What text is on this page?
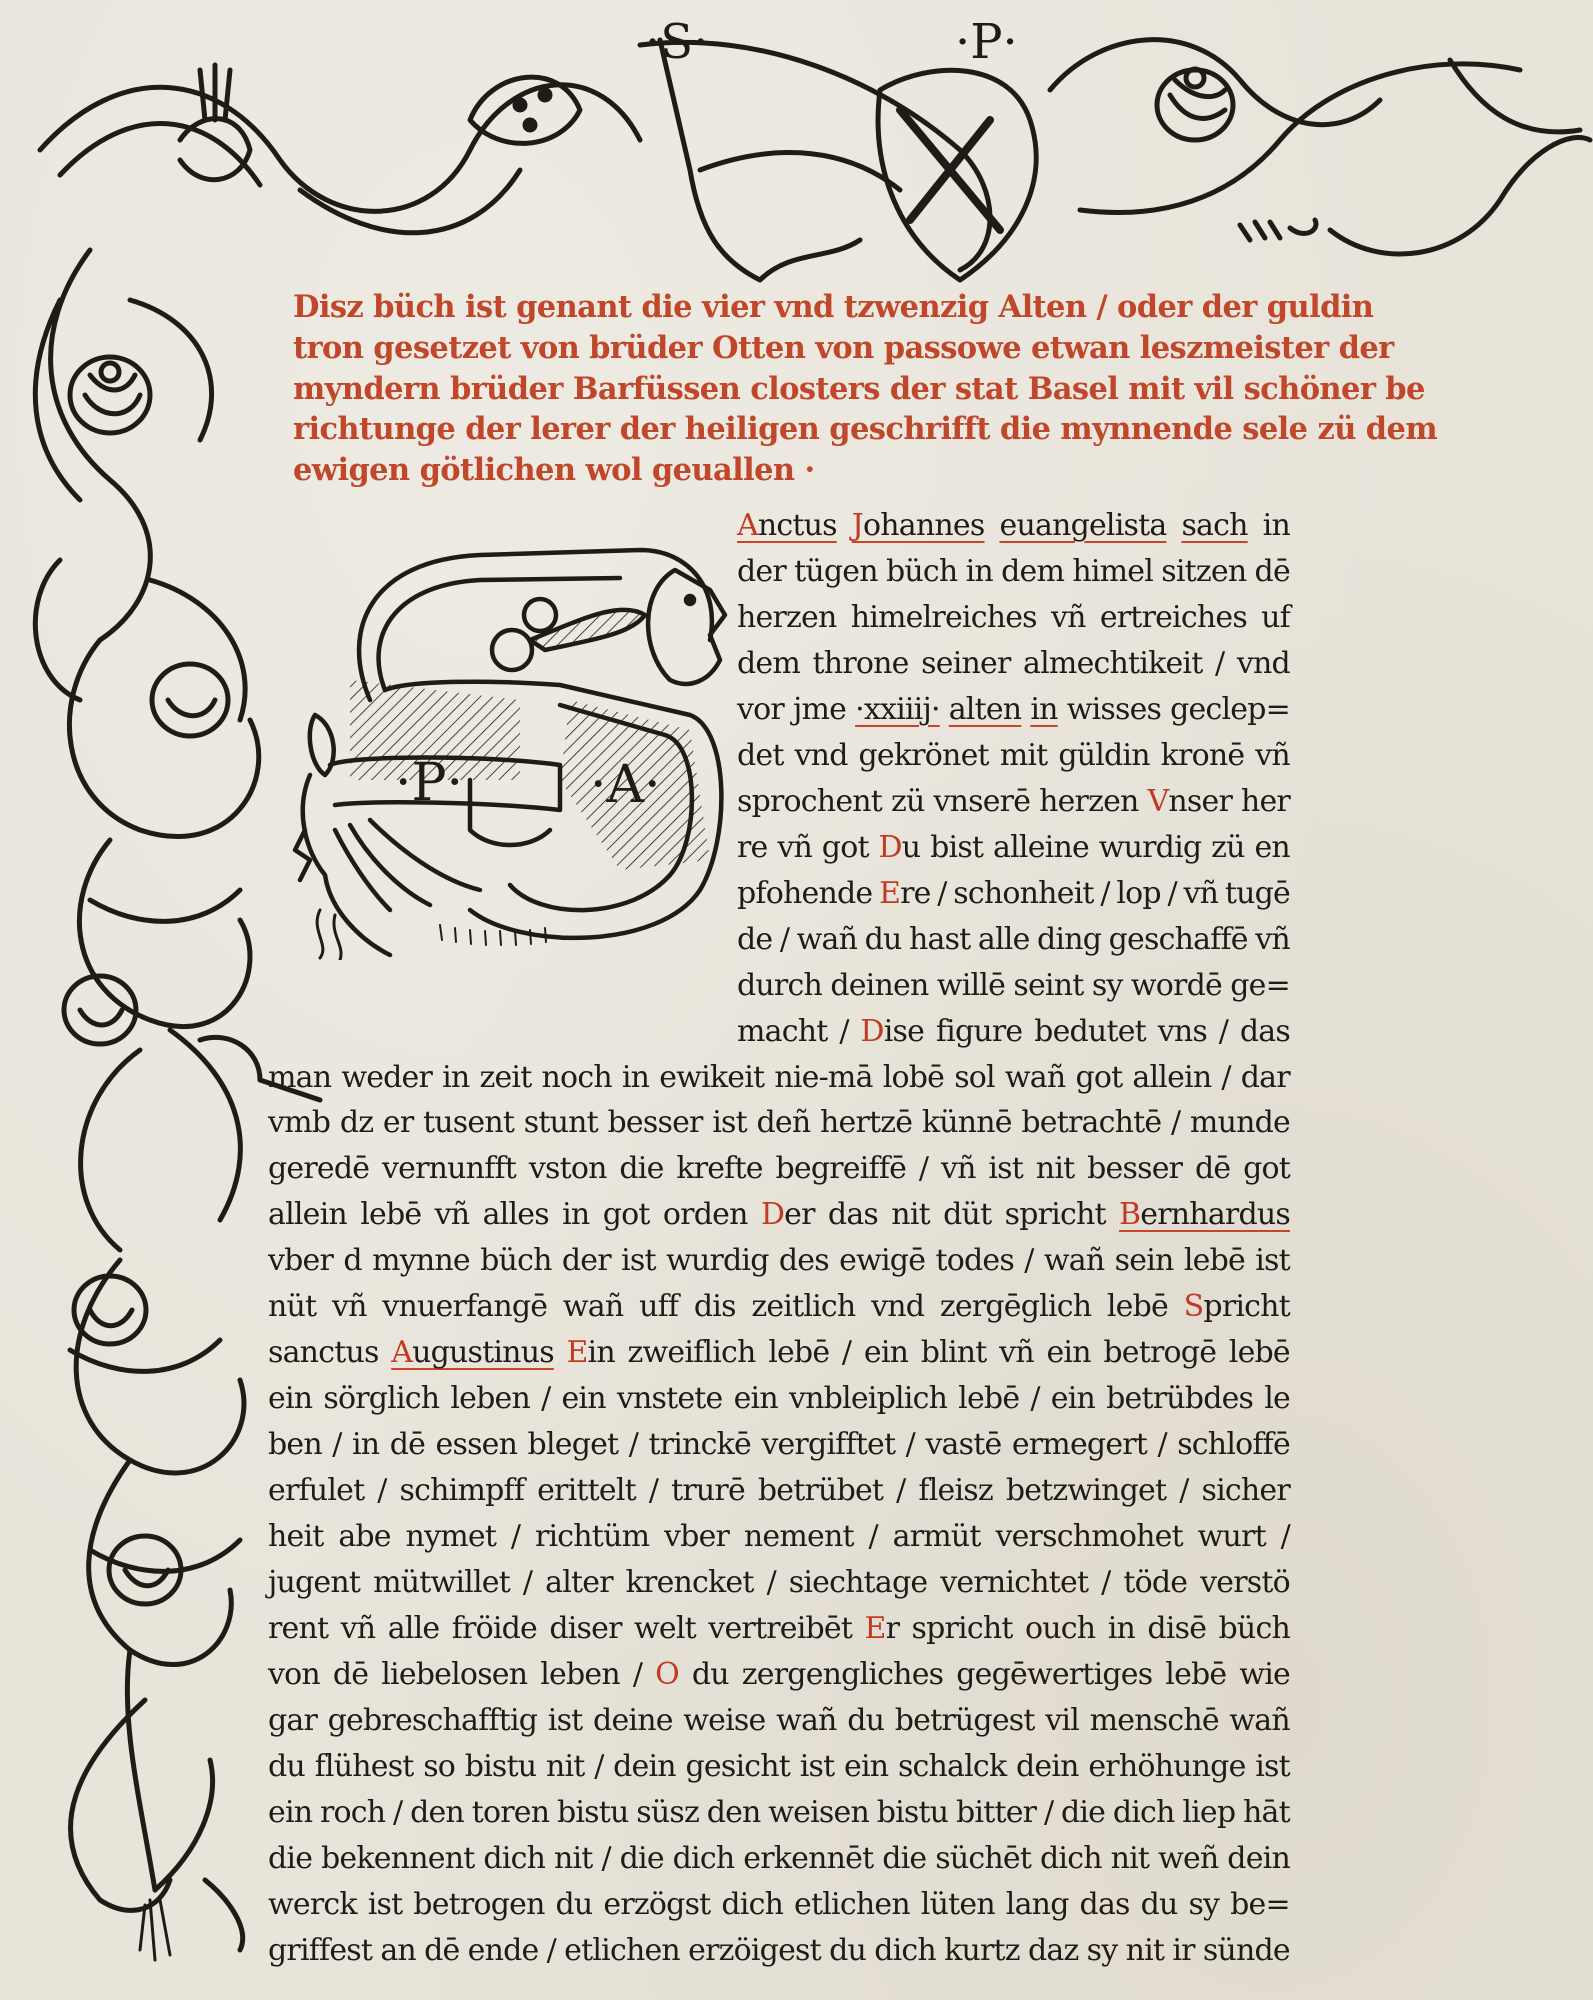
·S·	·P·
Disz büch ist genant die vier vnd tzwenzig Alten / oder der guldin
tron gesetzet von brüder Otten von passowe etwan leszmeister der
myndern brüder Barfüssen closters der stat Basel mit vil schöner be
richtunge der lerer der heiligen geschrifft die mynnende sele zü dem
ewigen götlichen wol geuallen ·
·P· ·A·
Anctus Johannes euangelista sach in
der tügen büch in dem himel sitzen dē
herzen himelreiches vñ ertreiches uf
dem throne seiner almechtikeit / vnd
vor jme ·xxiiij· alten in wisses geclep=
det vnd gekrönet mit güldin kronē vñ
sprochent zü vnserē herzen Vnser her
re vñ got Du bist alleine wurdig zü en
pfohende Ere / schonheit / lop / vñ tugē
de / wañ du hast alle ding geschaffē vñ
durch deinen willē seint sy wordē ge=
macht / Dise figure bedutet vns / das
man weder in zeit noch in ewikeit nie-mā lobē sol wañ got allein / dar
vmb dz er tusent stunt besser ist deñ hertzē künnē betrachtē / munde
geredē vernunfft vston die krefte begreiffē / vñ ist nit besser dē got
allein lebē vñ alles in got orden Der das nit düt spricht Bernhardus
vber d mynne büch der ist wurdig des ewigē todes / wañ sein lebē ist
nüt vñ vnuerfangē wañ uff dis zeitlich vnd zergēglich lebē Spricht
sanctus Augustinus Ein zweiflich lebē / ein blint vñ ein betrogē lebē
ein sörglich leben / ein vnstete ein vnbleiplich lebē / ein betrübdes le
ben / in dē essen bleget / trinckē vergifftet / vastē ermegert / schloffē
erfulet / schimpff erittelt / trurē betrübet / fleisz betzwinget / sicher
heit abe nymet / richtüm vber nement / armüt verschmohet wurt /
jugent mütwillet / alter krencket / siechtage vernichtet / töde verstö
rent vñ alle fröide diser welt vertreibēt Er spricht ouch in disē büch
von dē liebelosen leben / O du zergengliches gegēwertiges lebē wie
gar gebreschafftig ist deine weise wañ du betrügest vil menschē wañ
du flühest so bistu nit / dein gesicht ist ein schalck dein erhöhunge ist
ein roch / den toren bistu süsz den weisen bistu bitter / die dich liep hāt
die bekennent dich nit / die dich erkennēt die süchēt dich nit weñ dein
werck ist betrogen du erzögst dich etlichen lüten lang das du sy be=
griffest an dē ende / etlichen erzöigest du dich kurtz daz sy nit ir sünde
